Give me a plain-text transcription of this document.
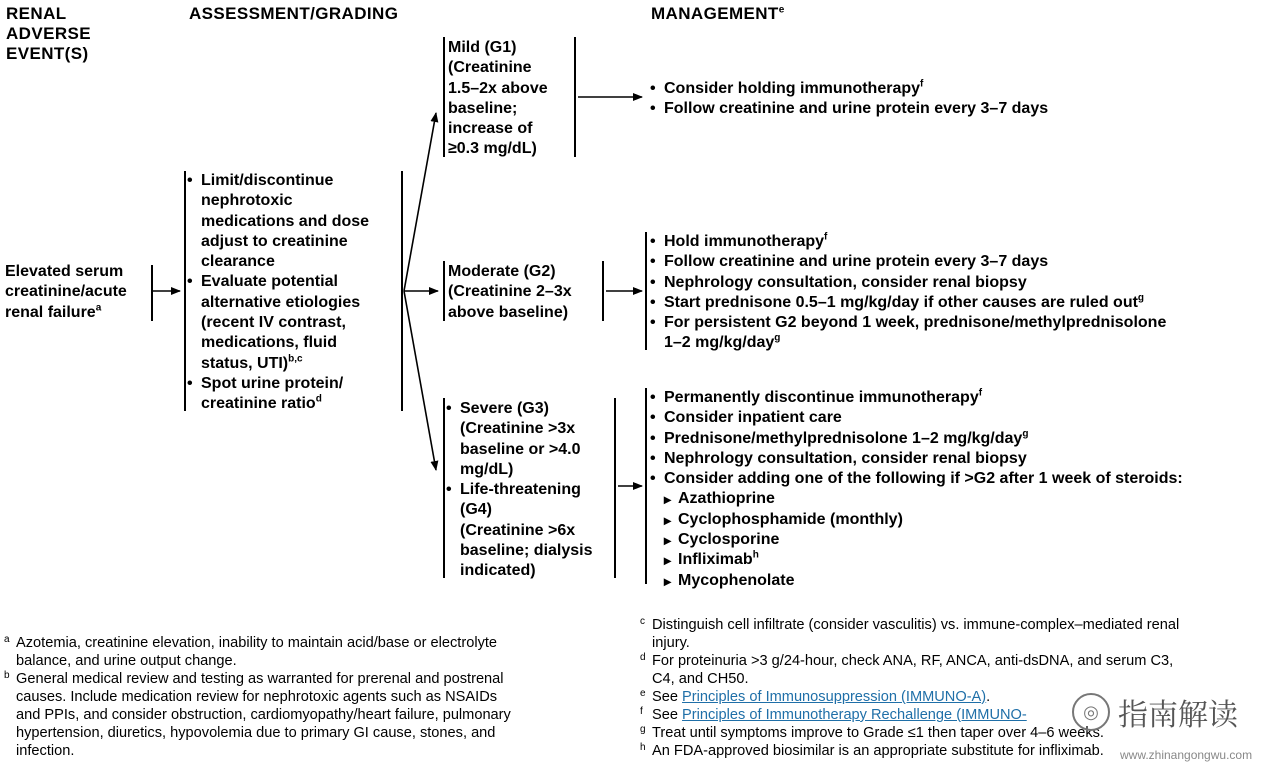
RENAL
ADVERSE
EVENT(S)
ASSESSMENT/GRADING	MANAGEMENT$^e$
Elevated serum
creatinine/acute
renal failure$^a$
• Limit/discontinue
nephrotoxic
medications and dose
adjust to creatinine
clearance
• Evaluate potential
alternative etiologies
(recent IV contrast,
medications, fluid
status, UTI)$^{b,c}$
• Spot urine protein/
creatinine ratio$^d$
Mild (G1)
(Creatinine
1.5–2x above
baseline;
increase of
≥0.3 mg/dL)
Moderate (G2)
(Creatinine 2–3x
above baseline)
• Severe (G3)
(Creatinine >3x
baseline or >4.0
mg/dL)
• Life-threatening
(G4)
(Creatinine >6x
baseline; dialysis
indicated)
• Consider holding immunotherapy$^f$
• Follow creatinine and urine protein every 3–7 days
• Hold immunotherapy$^f$
• Follow creatinine and urine protein every 3–7 days
• Nephrology consultation, consider renal biopsy
• Start prednisone 0.5–1 mg/kg/day if other causes are ruled out$^g$
• For persistent G2 beyond 1 week, prednisone/methylprednisolone
1–2 mg/kg/day$^g$
• Permanently discontinue immunotherapy$^f$
• Consider inpatient care
• Prednisone/methylprednisolone 1–2 mg/kg/day$^g$
• Nephrology consultation, consider renal biopsy
• Consider adding one of the following if >G2 after 1 week of steroids:
▸ Azathioprine
▸ Cyclophosphamide (monthly)
▸ Cyclosporine
▸ Infliximab$^h$
▸ Mycophenolate
a Azotemia, creatinine elevation, inability to maintain acid/base or electrolyte
balance, and urine output change.
b General medical review and testing as warranted for prerenal and postrenal
causes. Include medication review for nephrotoxic agents such as NSAIDs
and PPIs, and consider obstruction, cardiomyopathy/heart failure, pulmonary
hypertension, diuretics, hypovolemia due to primary GI cause, stones, and
infection.
c Distinguish cell infiltrate (consider vasculitis) vs. immune-complex–mediated renal
injury.
d For proteinuria >3 g/24-hour, check ANA, RF, ANCA, anti-dsDNA, and serum C3,
C4, and CH50.
e See Principles of Immunosuppression (IMMUNO-A).
f See Principles of Immunotherapy Rechallenge (IMMUNO-
g Treat until symptoms improve to Grade ≤1 then taper over 4–6 weeks.
h An FDA-approved biosimilar is an appropriate substitute for infliximab.
◎ 指南解读
www.zhinangongwu.com
